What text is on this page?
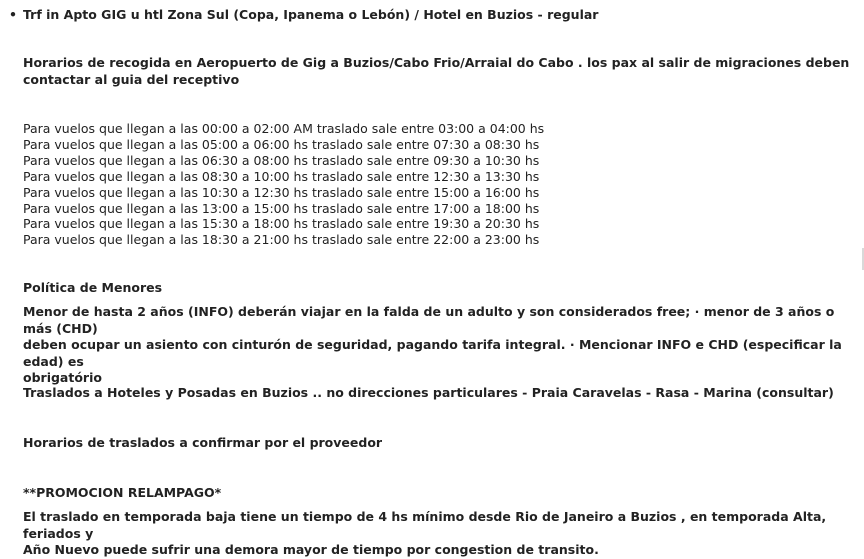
• Trf in Apto GIG u htl Zona Sul (Copa, Ipanema o Lebón) / Hotel en Buzios - regular
Horarios de recogida en Aeropuerto de Gig a Buzios/Cabo Frio/Arraial do Cabo . los pax al salir de migraciones deben
contactar al guia del receptivo
Para vuelos que llegan a las 00:00 a 02:00 AM traslado sale entre 03:00 a 04:00 hs
Para vuelos que llegan a las 05:00 a 06:00 hs traslado sale entre 07:30 a 08:30 hs
Para vuelos que llegan a las 06:30 a 08:00 hs traslado sale entre 09:30 a 10:30 hs
Para vuelos que llegan a las 08:30 a 10:00 hs traslado sale entre 12:30 a 13:30 hs
Para vuelos que llegan a las 10:30 a 12:30 hs traslado sale entre 15:00 a 16:00 hs
Para vuelos que llegan a las 13:00 a 15:00 hs traslado sale entre 17:00 a 18:00 hs
Para vuelos que llegan a las 15:30 a 18:00 hs traslado sale entre 19:30 a 20:30 hs
Para vuelos que llegan a las 18:30 a 21:00 hs traslado sale entre 22:00 a 23:00 hs
Política de Menores
Menor de hasta 2 años (INFO) deberán viajar en la falda de un adulto y son considerados free; · menor de 3 años o más (CHD)
deben ocupar un asiento con cinturón de seguridad, pagando tarifa integral. · Mencionar INFO e CHD (especificar la edad) es
obrigatório
Traslados a Hoteles y Posadas en Buzios .. no direcciones particulares - Praia Caravelas - Rasa - Marina (consultar)
Horarios de traslados a confirmar por el proveedor
**PROMOCION RELAMPAGO*
El traslado en temporada baja tiene un tiempo de 4 hs mínimo desde Rio de Janeiro a Buzios , en temporada Alta, feriados y
Año Nuevo puede sufrir una demora mayor de tiempo por congestion de transito.
